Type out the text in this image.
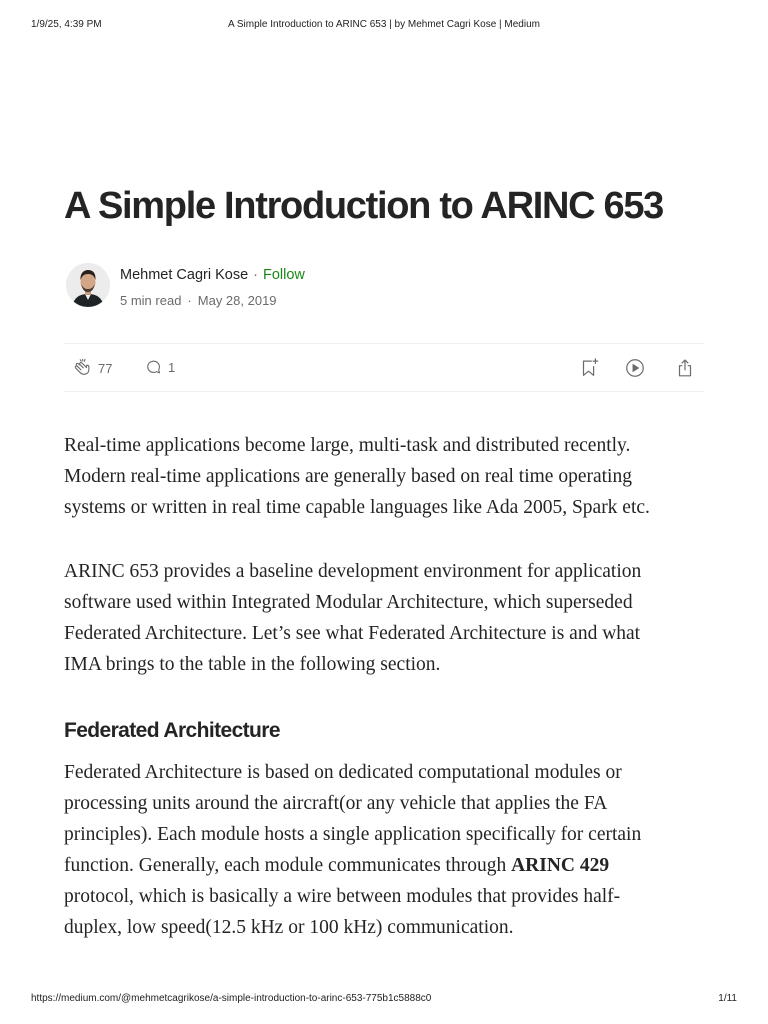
1/9/25, 4:39 PM	A Simple Introduction to ARINC 653 | by Mehmet Cagri Kose | Medium
A Simple Introduction to ARINC 653
Mehmet Cagri Kose · Follow
5 min read · May 28, 2019
77	1
Real-time applications become large, multi-task and distributed recently.
Modern real-time applications are generally based on real time operating
systems or written in real time capable languages like Ada 2005, Spark etc.
ARINC 653 provides a baseline development environment for application
software used within Integrated Modular Architecture, which superseded
Federated Architecture. Let’s see what Federated Architecture is and what
IMA brings to the table in the following section.
Federated Architecture
Federated Architecture is based on dedicated computational modules or
processing units around the aircraft(or any vehicle that applies the FA
principles). Each module hosts a single application specifically for certain
function. Generally, each module communicates through ARINC 429
protocol, which is basically a wire between modules that provides half-
duplex, low speed(12.5 kHz or 100 kHz) communication.
https://medium.com/@mehmetcagrikose/a-simple-introduction-to-arinc-653-775b1c5888c0	1/11
